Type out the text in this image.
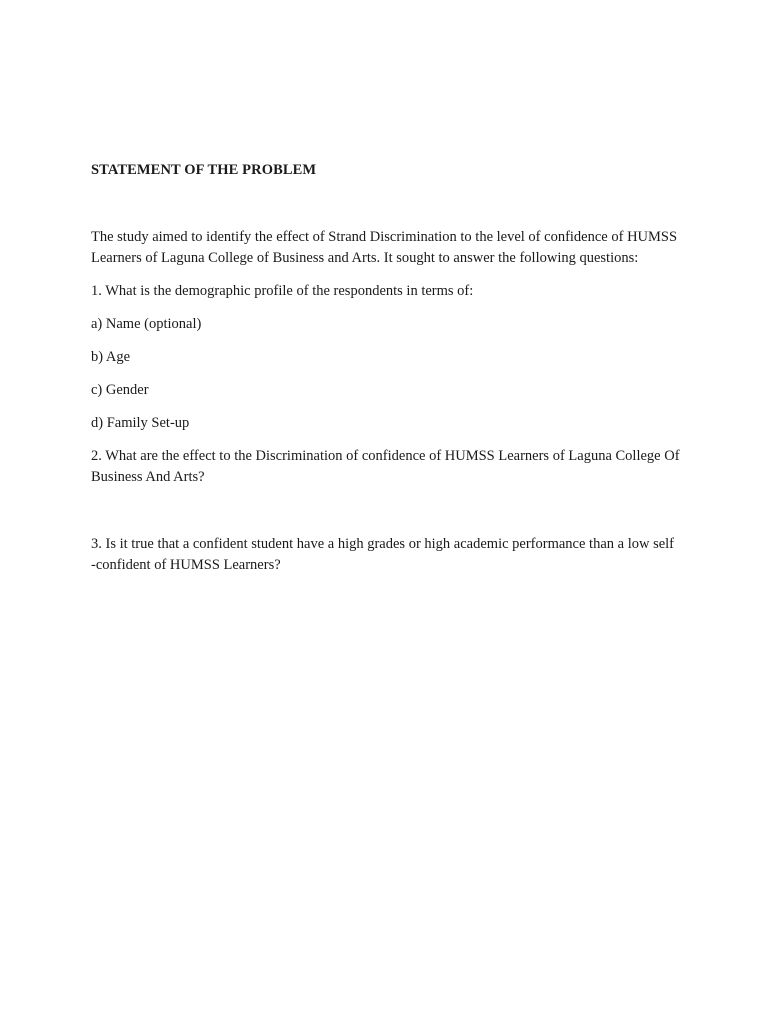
STATEMENT OF THE PROBLEM

The study aimed to identify the effect of Strand Discrimination to the level of confidence of HUMSS Learners of Laguna College of Business and Arts. It sought to answer the following questions:

1. What is the demographic profile of the respondents in terms of:

a) Name (optional)

b) Age

c) Gender

d) Family Set-up

2. What are the effect to the Discrimination of confidence of HUMSS Learners of Laguna College Of Business And Arts?

3. Is it true that a confident student have a high grades or high academic performance than a low self -confident of HUMSS Learners?
